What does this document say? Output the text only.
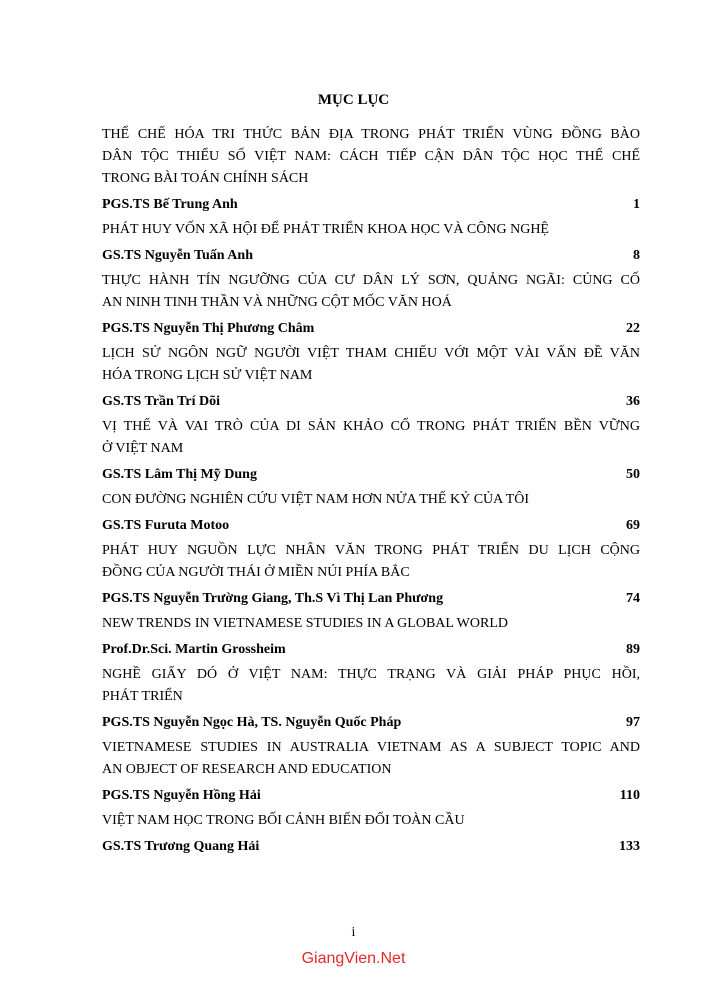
MỤC LỤC
THỂ CHẾ HÓA TRI THỨC BẢN ĐỊA TRONG PHÁT TRIỂN VÙNG ĐỒNG BÀO
DÂN TỘC THIỂU SỐ VIỆT NAM: CÁCH TIẾP CẬN DÂN TỘC HỌC THỂ CHẾ
TRONG BÀI TOÁN CHÍNH SÁCH
PGS.TS Bế Trung Anh	1
PHÁT HUY VỐN XÃ HỘI ĐỂ PHÁT TRIỂN KHOA HỌC VÀ CÔNG NGHỆ
GS.TS Nguyễn Tuấn Anh	8
THỰC HÀNH TÍN NGƯỠNG CỦA CƯ DÂN LÝ SƠN, QUẢNG NGÃI: CỦNG CỐ
AN NINH TINH THẦN VÀ NHỮNG CỘT MỐC VĂN HOÁ
PGS.TS Nguyễn Thị Phương Châm	22
LỊCH SỬ NGÔN NGỮ NGƯỜI VIỆT THAM CHIẾU VỚI MỘT VÀI VẤN ĐỀ VĂN
HÓA TRONG LỊCH SỬ VIỆT NAM
GS.TS Trần Trí Dõi	36
VỊ THẾ VÀ VAI TRÒ CỦA DI SẢN KHẢO CỔ TRONG PHÁT TRIỂN BỀN VỮNG
Ở VIỆT NAM
GS.TS Lâm Thị Mỹ Dung	50
CON ĐƯỜNG NGHIÊN CỨU VIỆT NAM HƠN NỬA THẾ KỶ CỦA TÔI
GS.TS Furuta Motoo	69
PHÁT HUY NGUỒN LỰC NHÂN VĂN TRONG PHÁT TRIỂN DU LỊCH CỘNG
ĐỒNG CỦA NGƯỜI THÁI Ở MIỀN NÚI PHÍA BẮC
PGS.TS Nguyễn Trường Giang, Th.S Vì Thị Lan Phương	74
NEW TRENDS IN VIETNAMESE STUDIES IN A GLOBAL WORLD
Prof.Dr.Sci. Martin Grossheim	89
NGHỀ GIẤY DÓ Ở VIỆT NAM: THỰC TRẠNG VÀ GIẢI PHÁP PHỤC HỒI,
PHÁT TRIỂN
PGS.TS Nguyễn Ngọc Hà, TS. Nguyễn Quốc Pháp	97
VIETNAMESE STUDIES IN AUSTRALIA VIETNAM AS A SUBJECT TOPIC AND
AN OBJECT OF RESEARCH AND EDUCATION
PGS.TS Nguyễn Hồng Hải	110
VIỆT NAM HỌC TRONG BỐI CẢNH BIẾN ĐỔI TOÀN CẦU
GS.TS Trương Quang Hải	133
i
GiangVien.Net
